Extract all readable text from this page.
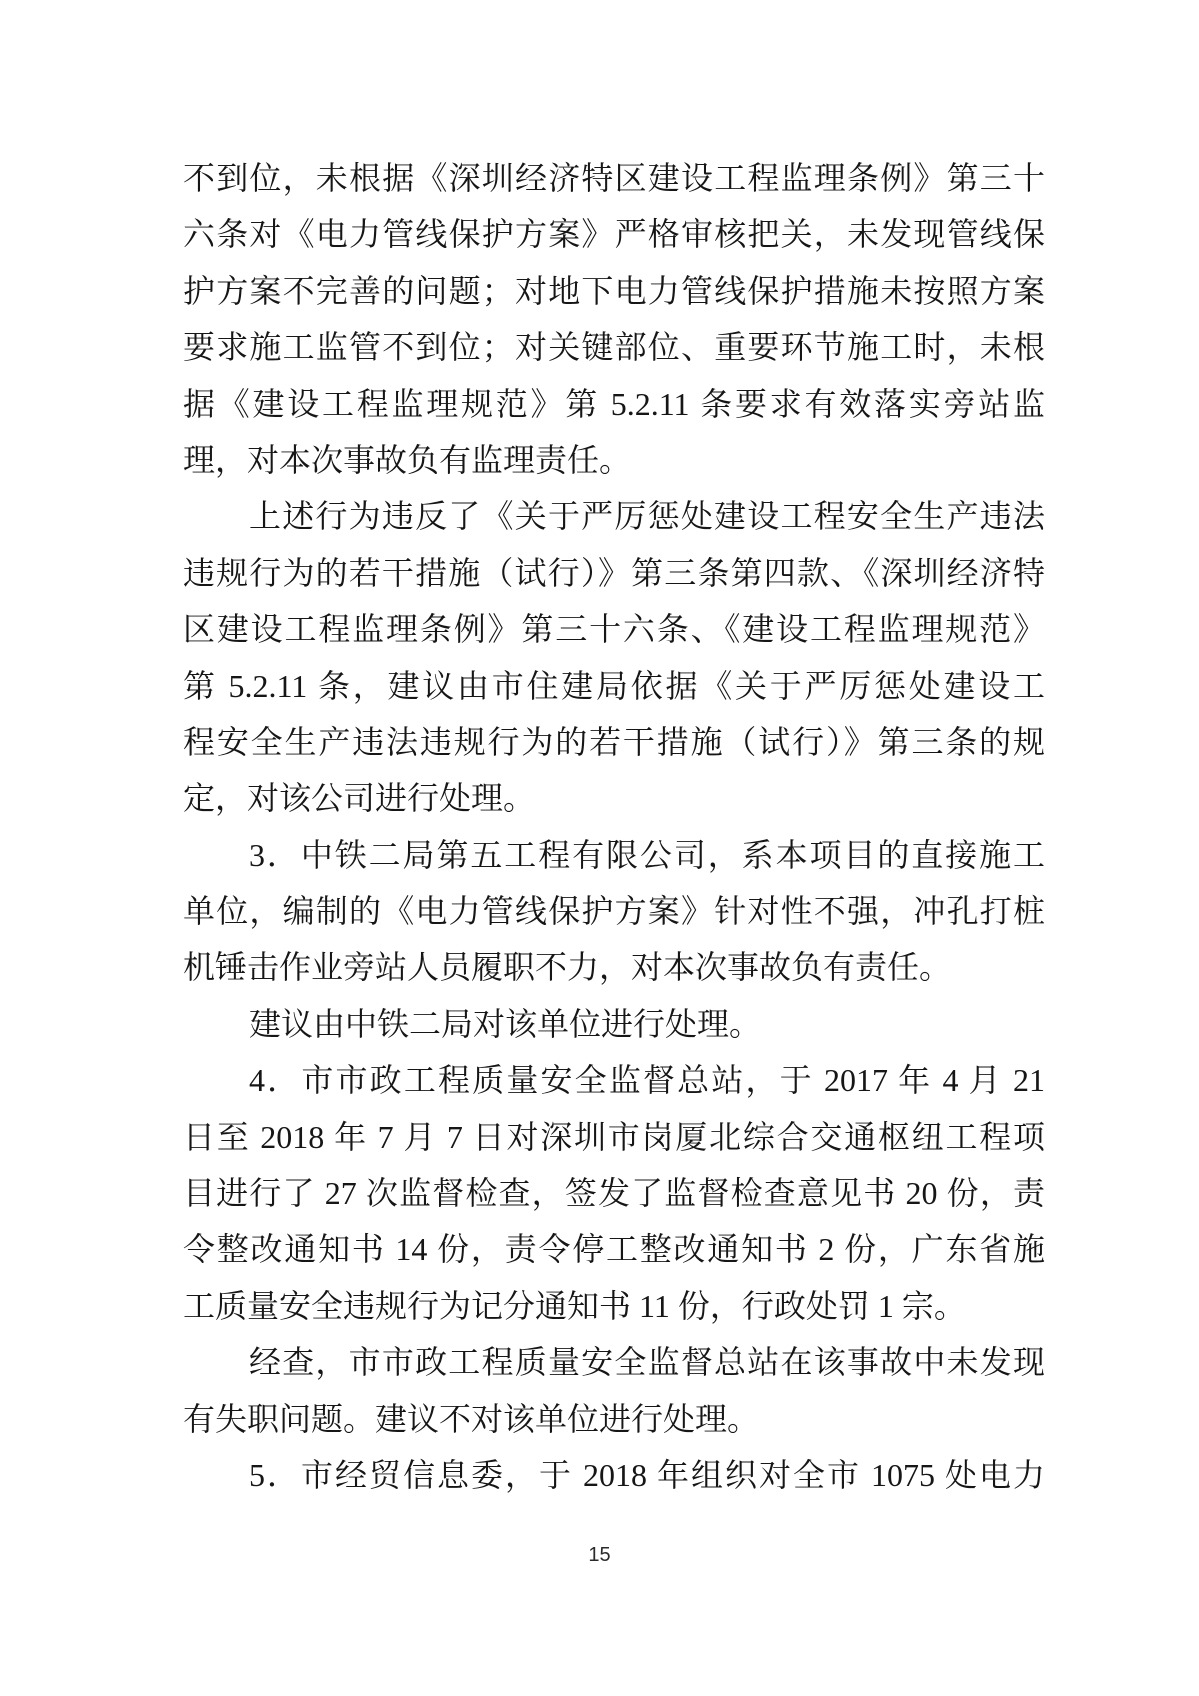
不到位，未根据《深圳经济特区建设工程监理条例》第三十
六条对《电力管线保护方案》严格审核把关，未发现管线保
护方案不完善的问题；对地下电力管线保护措施未按照方案
要求施工监管不到位；对关键部位、重要环节施工时，未根
据《建设工程监理规范》第 5.2.11 条要求有效落实旁站监
理，对本次事故负有监理责任。
上述行为违反了《关于严厉惩处建设工程安全生产违法
违规行为的若干措施（试行）》第三条第四款、《深圳经济特
区建设工程监理条例》第三十六条、《建设工程监理规范》
第 5.2.11 条，建议由市住建局依据《关于严厉惩处建设工
程安全生产违法违规行为的若干措施（试行）》第三条的规
定，对该公司进行处理。
3．中铁二局第五工程有限公司，系本项目的直接施工
单位，编制的《电力管线保护方案》针对性不强，冲孔打桩
机锤击作业旁站人员履职不力，对本次事故负有责任。
建议由中铁二局对该单位进行处理。
4．市市政工程质量安全监督总站，于 2017 年 4 月 21
日至 2018 年 7 月 7 日对深圳市岗厦北综合交通枢纽工程项
目进行了 27 次监督检查，签发了监督检查意见书 20 份，责
令整改通知书 14 份，责令停工整改通知书 2 份，广东省施
工质量安全违规行为记分通知书 11 份，行政处罚 1 宗。
经查，市市政工程质量安全监督总站在该事故中未发现
有失职问题。建议不对该单位进行处理。
5．市经贸信息委，于 2018 年组织对全市 1075 处电力
15
